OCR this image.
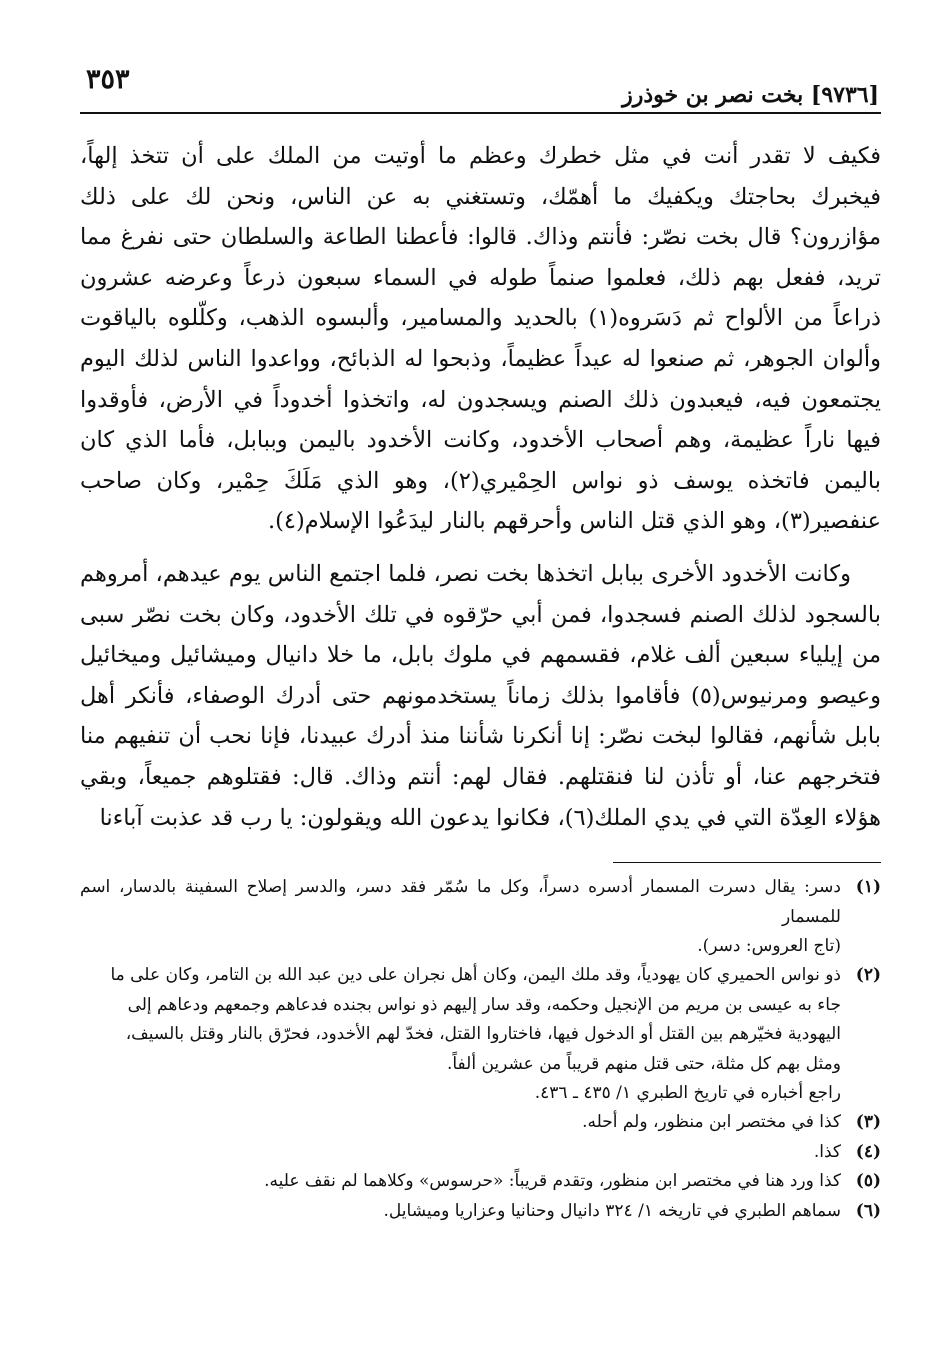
[٩٧٣٦] بخت نصر بن خوذرز
٣٥٣

فكيف لا تقدر أنت في مثل خطرك وعظم ما أوتيت من الملك على أن تتخذ إلهاً، فيخبرك بحاجتك ويكفيك ما أهمّك، وتستغني به عن الناس، ونحن لك على ذلك مؤازرون؟ قال بخت نصّر: فأنتم وذاك. قالوا: فأعطنا الطاعة والسلطان حتى نفرغ مما تريد، ففعل بهم ذلك، فعلموا صنماً طوله في السماء سبعون ذرعاً وعرضه عشرون ذراعاً من الألواح ثم دَسَروه(١) بالحديد والمسامير، وألبسوه الذهب، وكلّلوه بالياقوت وألوان الجوهر، ثم صنعوا له عيداً عظيماً، وذبحوا له الذبائح، وواعدوا الناس لذلك اليوم يجتمعون فيه، فيعبدون ذلك الصنم ويسجدون له، واتخذوا أخدوداً في الأرض، فأوقدوا فيها ناراً عظيمة، وهم أصحاب الأخدود، وكانت الأخدود باليمن وببابل، فأما الذي كان باليمن فاتخذه يوسف ذو نواس الحِمْيري(٢)، وهو الذي مَلَكَ حِمْير، وكان صاحب عنفصير(٣)، وهو الذي قتل الناس وأحرقهم بالنار ليدَعُوا الإسلام(٤).

وكانت الأخدود الأخرى ببابل اتخذها بخت نصر، فلما اجتمع الناس يوم عيدهم، أمروهم بالسجود لذلك الصنم فسجدوا، فمن أبي حرّقوه في تلك الأخدود، وكان بخت نصّر سبى من إيلياء سبعين ألف غلام، فقسمهم في ملوك بابل، ما خلا دانيال وميشائيل وميخائيل وعيصو ومرنيوس(٥) فأقاموا بذلك زماناً يستخدمونهم حتى أدرك الوصفاء، فأنكر أهل بابل شأنهم، فقالوا لبخت نصّر: إنا أنكرنا شأننا منذ أدرك عبيدنا، فإنا نحب أن تنفيهم منا فتخرجهم عنا، أو تأذن لنا فنقتلهم. فقال لهم: أنتم وذاك. قال: فقتلوهم جميعاً، وبقي هؤلاء العِدّة التي في يدي الملك(٦)، فكانوا يدعون الله ويقولون: يا رب قد عذبت آباءنا

(١)
دسر: يقال دسرت المسمار أدسره دسراً، وكل ما سُمّر فقد دسر، والدسر إصلاح السفينة بالدسار، اسم للمسمار
(تاج العروس: دسر).
(٢)
ذو نواس الحميري كان يهودياً، وقد ملك اليمن، وكان أهل نجران على دين عبد الله بن التامر، وكان على ما
جاء به عيسى بن مريم من الإنجيل وحكمه، وقد سار إليهم ذو نواس بجنده فدعاهم وجمعهم ودعاهم إلى
اليهودية فخيّرهم بين القتل أو الدخول فيها، فاختاروا القتل، فخدّ لهم الأخدود، فحرّق بالنار وقتل بالسيف،
ومثل بهم كل مثلة، حتى قتل منهم قريباً من عشرين ألفاً.
راجع أخباره في تاريخ الطبري ١/ ٤٣٥ ـ ٤٣٦.
(٣)
كذا في مختصر ابن منظور، ولم أحله.
(٤)
كذا.
(٥)
كذا ورد هنا في مختصر ابن منظور، وتقدم قريباً: «حرسوس» وكلاهما لم نقف عليه.
(٦)
سماهم الطبري في تاريخه ١/ ٣٢٤ دانيال وحنانيا وعزاريا وميشايل.
